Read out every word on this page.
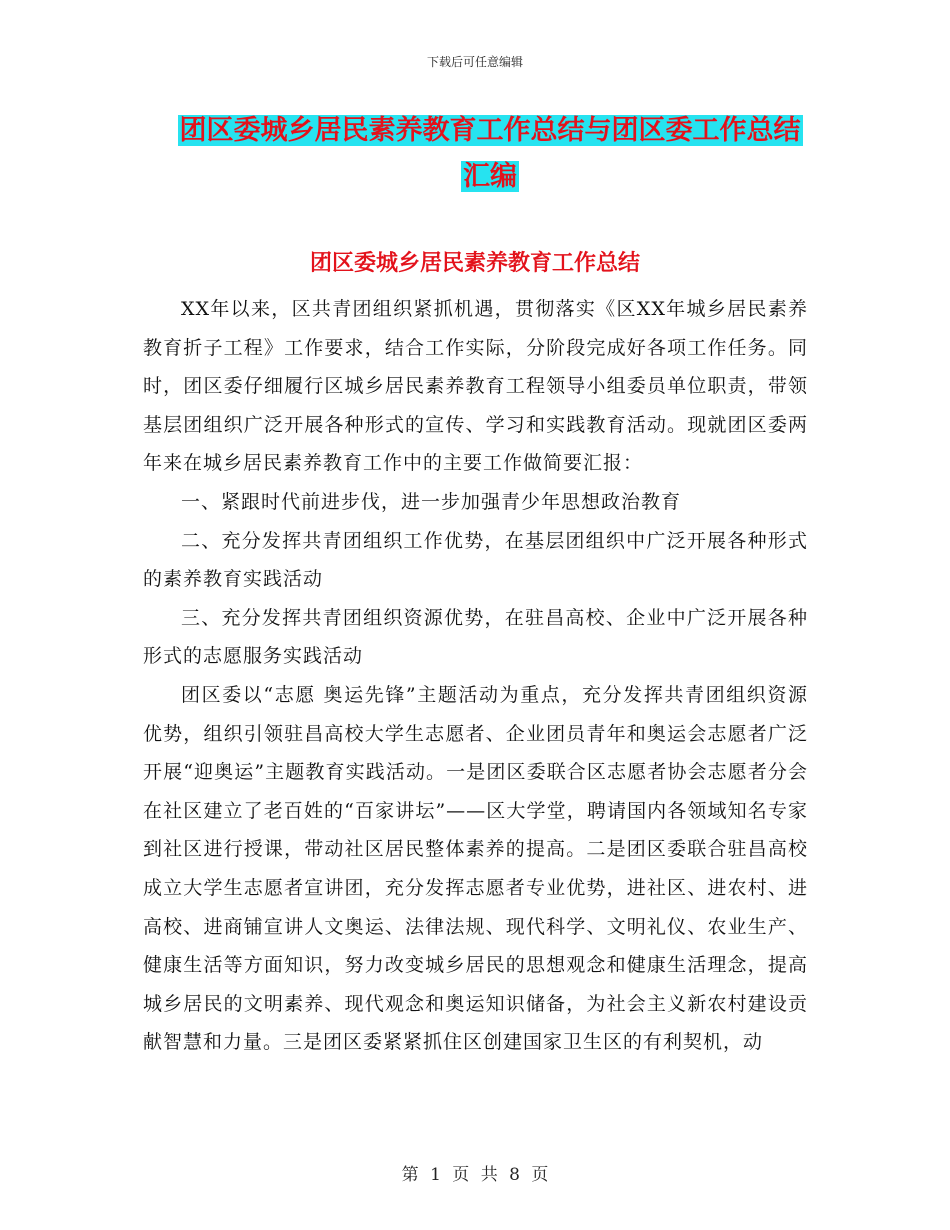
下载后可任意编辑
团区委城乡居民素养教育工作总结与团区委工作总结
汇编
团区委城乡居民素养教育工作总结

XX年以来，区共青团组织紧抓机遇，贯彻落实《区XX年城乡居民素养教育折子工程》工作要求，结合工作实际，分阶段完成好各项工作任务。同时，团区委仔细履行区城乡居民素养教育工程领导小组委员单位职责，带领基层团组织广泛开展各种形式的宣传、学习和实践教育活动。现就团区委两年来在城乡居民素养教育工作中的主要工作做简要汇报：

一、紧跟时代前进步伐，进一步加强青少年思想政治教育

二、充分发挥共青团组织工作优势，在基层团组织中广泛开展各种形式的素养教育实践活动

三、充分发挥共青团组织资源优势，在驻昌高校、企业中广泛开展各种形式的志愿服务实践活动

团区委以“志愿 奥运先锋”主题活动为重点，充分发挥共青团组织资源优势，组织引领驻昌高校大学生志愿者、企业团员青年和奥运会志愿者广泛开展“迎奥运”主题教育实践活动。一是团区委联合区志愿者协会志愿者分会在社区建立了老百姓的“百家讲坛”——区大学堂，聘请国内各领域知名专家到社区进行授课，带动社区居民整体素养的提高。二是团区委联合驻昌高校成立大学生志愿者宣讲团，充分发挥志愿者专业优势，进社区、进农村、进高校、进商铺宣讲人文奥运、法律法规、现代科学、文明礼仪、农业生产、健康生活等方面知识，努力改变城乡居民的思想观念和健康生活理念，提高城乡居民的文明素养、现代观念和奥运知识储备，为社会主义新农村建设贡献智慧和力量。三是团区委紧紧抓住区创建国家卫生区的有利契机，动

第 1 页 共 8 页
